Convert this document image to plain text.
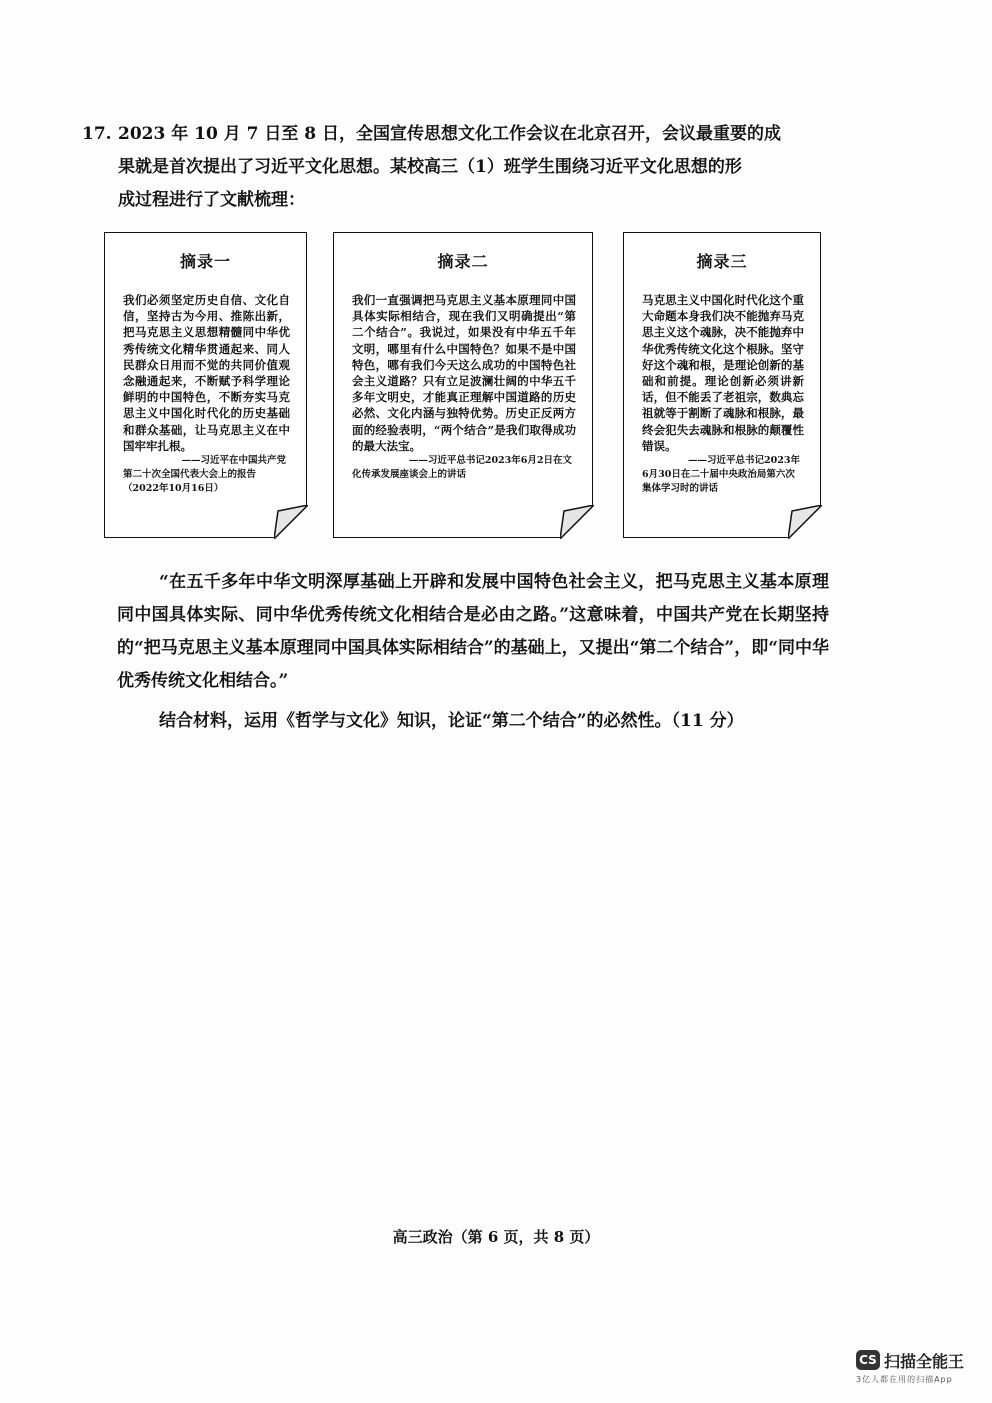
17. 2023 年 10 月 7 日至 8 日，全国宣传思想文化工作会议在北京召开，会议最重要的成
果就是首次提出了习近平文化思想。某校高三（1）班学生围绕习近平文化思想的形
成过程进行了文献梳理：
摘录一
我们必须坚定历史自信、文化自信，坚持古为今用、推陈出新，把马克思主义思想精髓同中华优秀传统文化精华贯通起来、同人民群众日用而不觉的共同价值观念融通起来，不断赋予科学理论鲜明的中国特色，不断夯实马克思主义中国化时代化的历史基础和群众基础，让马克思主义在中国牢牢扎根。
——习近平在中国共产党
第二十次全国代表大会上的报告（2022年10月16日）
摘录二
我们一直强调把马克思主义基本原理同中国具体实际相结合，现在我们又明确提出“第二个结合”。我说过，如果没有中华五千年文明，哪里有什么中国特色？如果不是中国特色，哪有我们今天这么成功的中国特色社会主义道路？只有立足波澜壮阔的中华五千多年文明史，才能真正理解中国道路的历史必然、文化内涵与独特优势。历史正反两方面的经验表明，“两个结合”是我们取得成功的最大法宝。
——习近平总书记2023年6月2日在文
化传承发展座谈会上的讲话
摘录三
马克思主义中国化时代化这个重大命题本身我们决不能抛弃马克思主义这个魂脉，决不能抛弃中华优秀传统文化这个根脉。坚守好这个魂和根，是理论创新的基础和前提。理论创新必须讲新话，但不能丢了老祖宗，数典忘祖就等于割断了魂脉和根脉，最终会犯失去魂脉和根脉的颠覆性错误。
——习近平总书记2023年
6月30日在二十届中央政治局第六次集体学习时的讲话
“在五千多年中华文明深厚基础上开辟和发展中国特色社会主义，把马克思主义基本原理同中国具体实际、同中华优秀传统文化相结合是必由之路。”这意味着，中国共产党在长期坚持的“把马克思主义基本原理同中国具体实际相结合”的基础上，又提出“第二个结合”，即“同中华优秀传统文化相结合。”
结合材料，运用《哲学与文化》知识，论证“第二个结合”的必然性。（11 分）
高三政治（第 6 页，共 8 页）
CS 扫描全能王
3亿人都在用的扫描App
